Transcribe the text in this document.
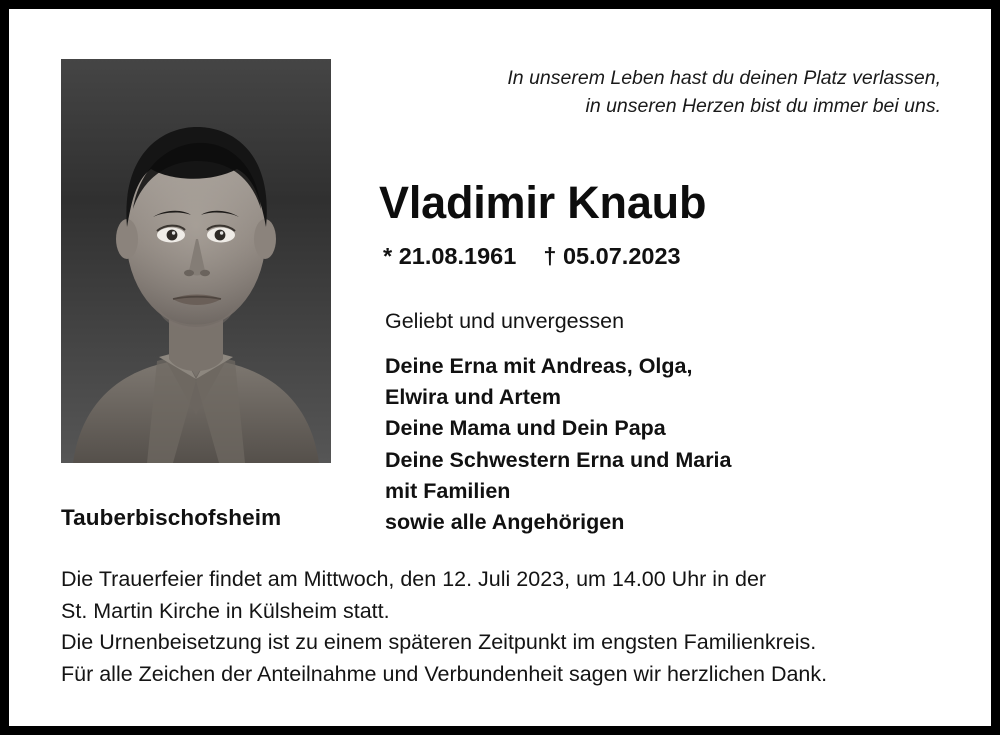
Tauberbischofsheim
In unserem Leben hast du deinen Platz verlassen,
in unseren Herzen bist du immer bei uns.
Vladimir Knaub
* 21.08.1961 † 05.07.2023
Geliebt und unvergessen
Deine Erna mit Andreas, Olga,
Elwira und Artem
Deine Mama und Dein Papa
Deine Schwestern Erna und Maria
mit Familien
sowie alle Angehörigen
Die Trauerfeier findet am Mittwoch, den 12. Juli 2023, um 14.00 Uhr in der
St. Martin Kirche in Külsheim statt.
Die Urnenbeisetzung ist zu einem späteren Zeitpunkt im engsten Familienkreis.
Für alle Zeichen der Anteilnahme und Verbundenheit sagen wir herzlichen Dank.
